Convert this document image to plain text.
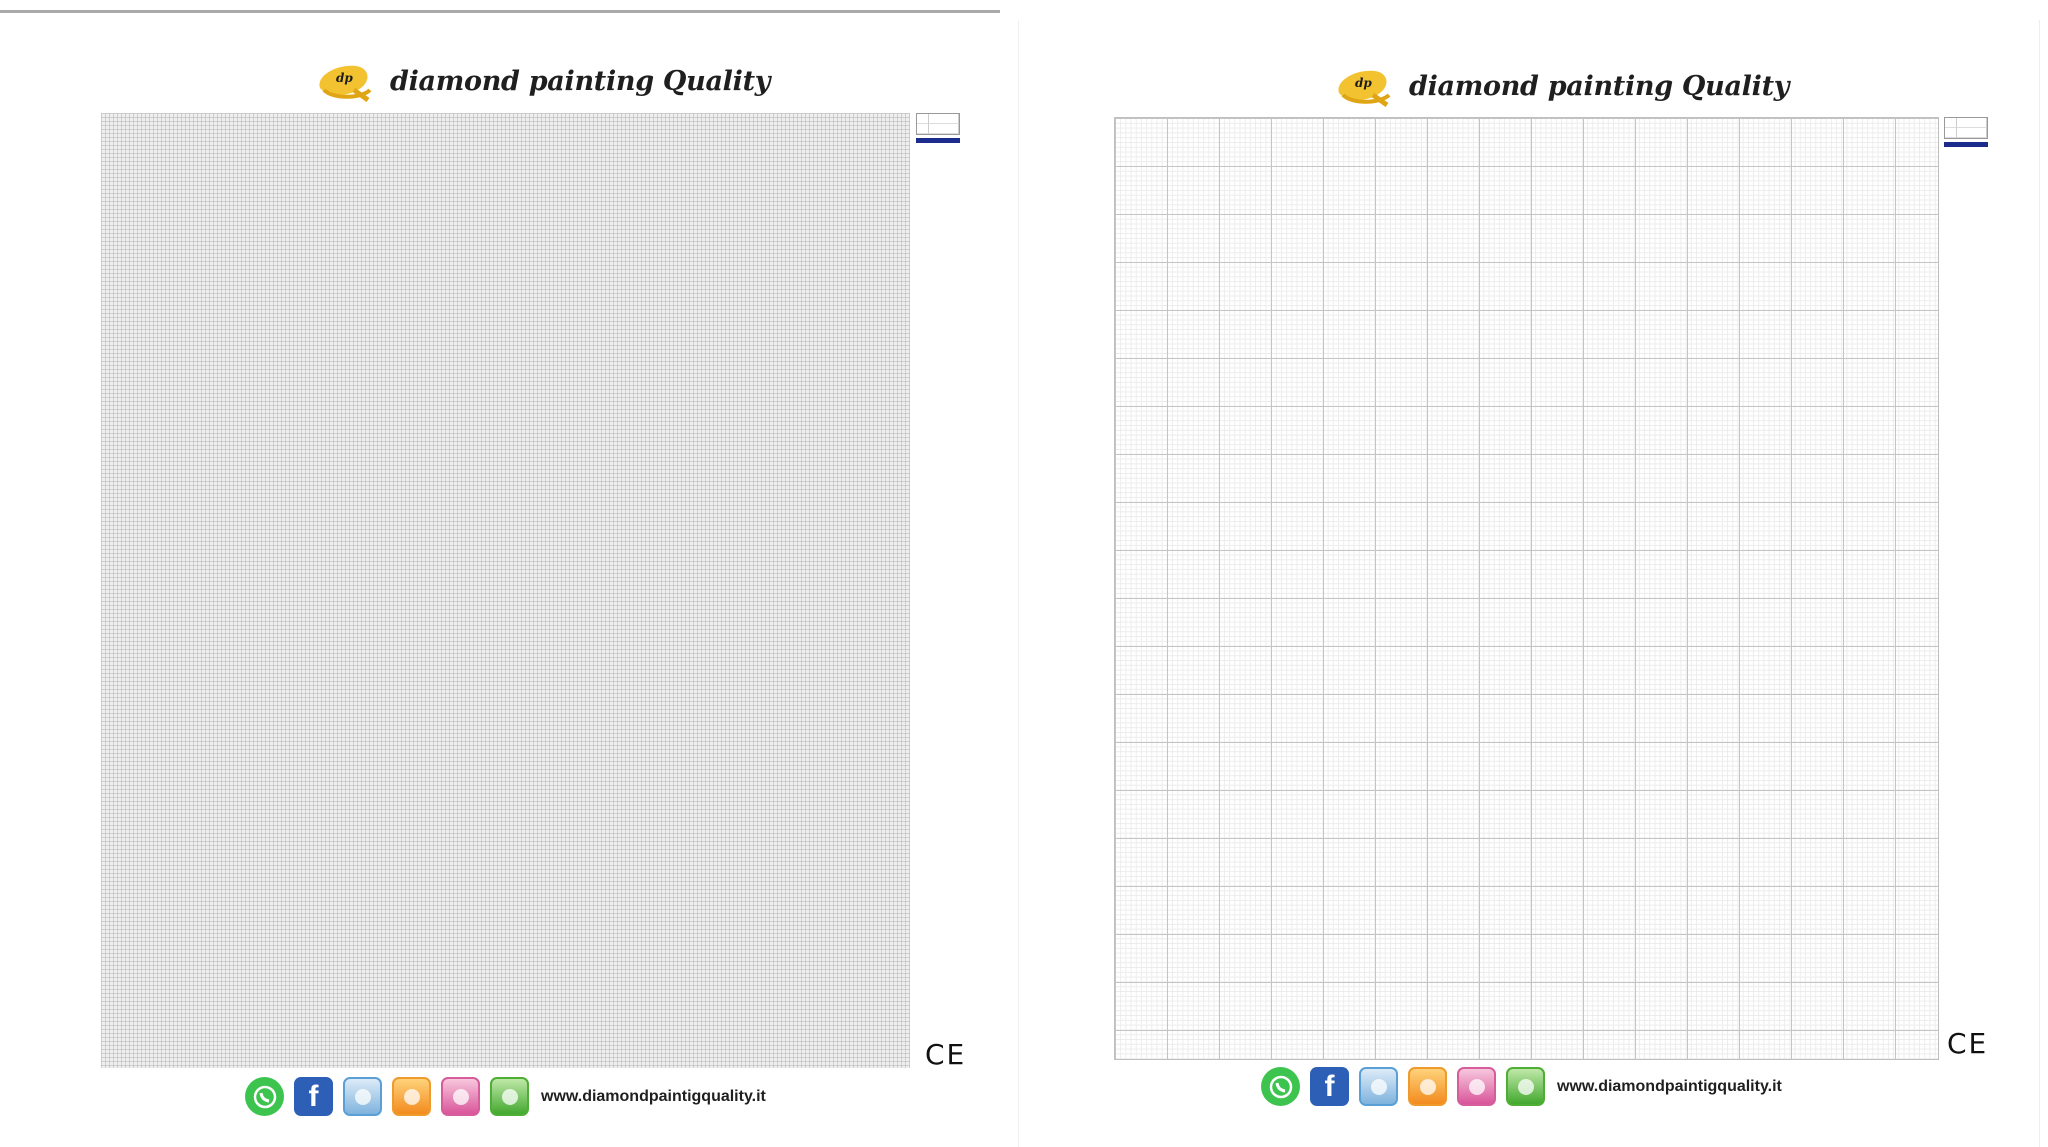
dp diamond painting Quality
CE
f	www.diamondpaintigquality.it
dp diamond painting Quality
CE
f	www.diamondpaintigquality.it
